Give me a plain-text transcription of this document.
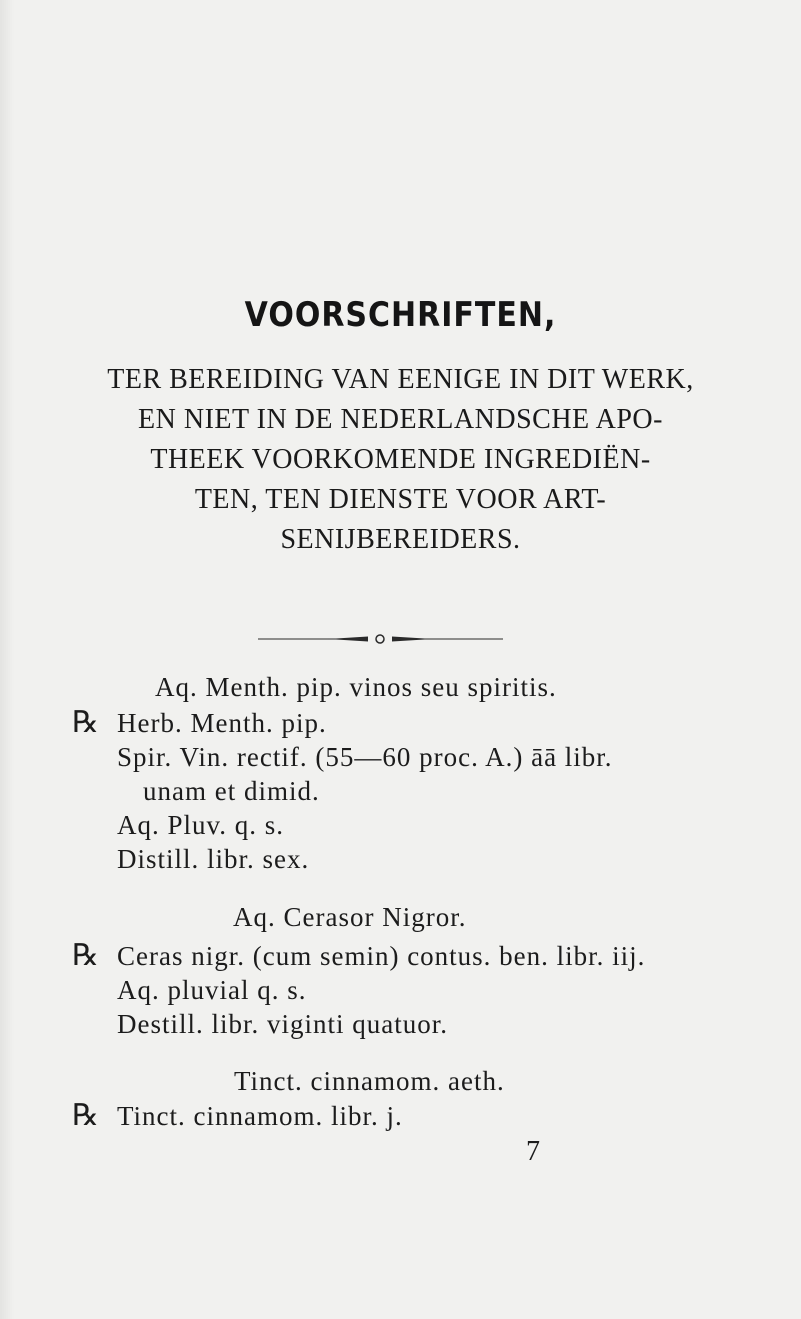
VOORSCHRIFTEN,
TER BEREIDING VAN EENIGE IN DIT WERK,
EN NIET IN DE NEDERLANDSCHE APO-
THEEK VOORKOMENDE INGREDIËN-
TEN, TEN DIENSTE VOOR ART-
SENIJBEREIDERS.
Aq. Menth. pip. vinos seu spiritis.
℞ Herb. Menth. pip.
Spir. Vin. rectif. (55—60 proc. A.) āā libr.
unam et dimid.
Aq. Pluv. q. s.
Distill. libr. sex.
Aq. Cerasor Nigror.
℞ Ceras nigr. (cum semin) contus. ben. libr. iij.
Aq. pluvial q. s.
Destill. libr. viginti quatuor.
Tinct. cinnamom. aeth.
℞ Tinct. cinnamom. libr. j.
7
